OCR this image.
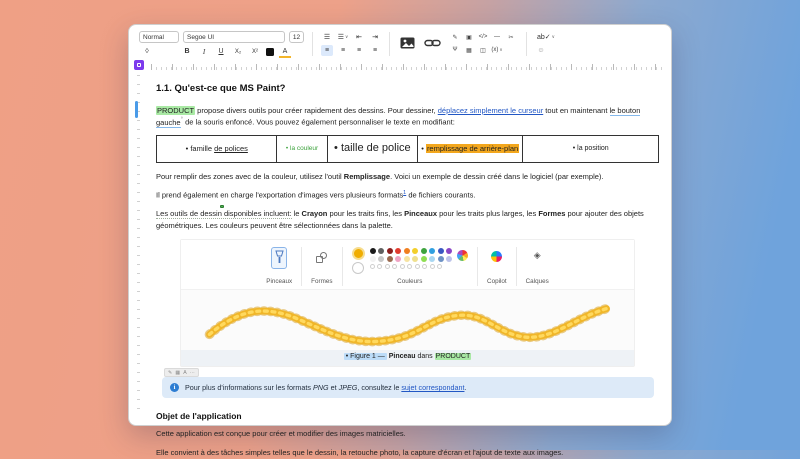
Normal	Segoe UI	12
◊	B	I	U	X₂	X²	A
☰	☰ ∨	⇤	⇥
≡	≡	≡	≡
✎	▣	</>	—	✂
Ψ	▦	◫ (x) ∨
ab✓ ∨
☺
1.1. Qu'est-ce que MS Paint?

PRODUCT propose divers outils pour créer rapidement des dessins. Pour dessiner, déplacez simplement le curseur tout en maintenant le bouton gauche° de la souris enfoncé. Vous pouvez également personnaliser le texte en modifiant:

• famille de polices	• la couleur	• taille de police	• remplissage de arrière-plan	• la position

Pour remplir des zones avec de la couleur, utilisez l'outil Remplissage. Voici un exemple de dessin créé dans le logiciel (par exemple).

Il prend également en charge l'exportation d'images vers plusieurs formats$^1$ de fichiers courants.

Les outils de dessin disponibles incluent:
le Crayon pour les traits fins, les Pinceaux pour les traits plus larges, les Formes pour ajouter des objets géométriques. Les couleurs peuvent être sélectionnées dans la palette.

Pinceaux	Formes	Couleurs	Copilot
◈
Calques
• Figure 1 — Pinceau dans PRODUCT
✎ ▦ A ⋯
i Pour plus d'informations sur les formats PNG et JPEG, consultez le sujet correspondant.
Objet de l'application

Cette application est conçue pour créer et modifier des images matricielles.

Elle convient à des tâches simples telles que le dessin, la retouche photo, la capture d'écran et l'ajout de texte aux images.
